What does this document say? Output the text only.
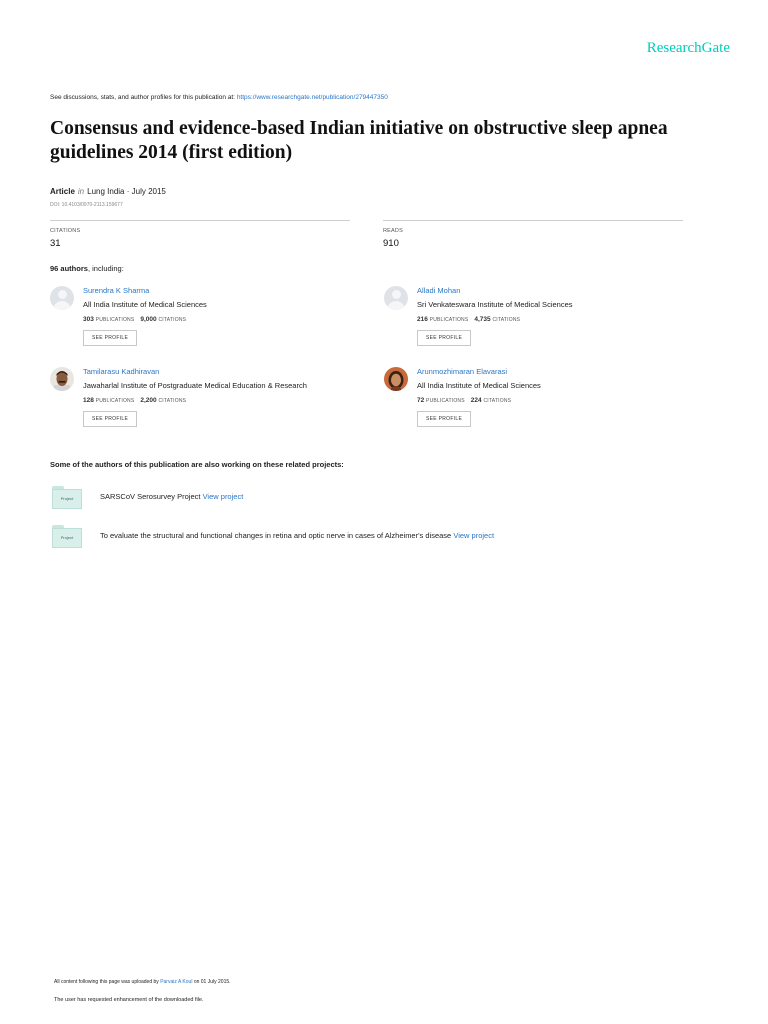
ResearchGate
See discussions, stats, and author profiles for this publication at: https://www.researchgate.net/publication/279447350
Consensus and evidence-based Indian initiative on obstructive sleep apnea guidelines 2014 (first edition)
Article in Lung India · July 2015
DOI: 10.4103/0970-2113.159677
CITATIONS
31
READS
910
96 authors, including:
Surendra K Sharma
All India Institute of Medical Sciences
303 PUBLICATIONS 9,000 CITATIONS
SEE PROFILE
Alladi Mohan
Sri Venkateswara Institute of Medical Sciences
216 PUBLICATIONS 4,735 CITATIONS
SEE PROFILE
Tamilarasu Kadhiravan
Jawaharlal Institute of Postgraduate Medical Education & Research
128 PUBLICATIONS 2,200 CITATIONS
SEE PROFILE
Arunmozhimaran Elavarasi
All India Institute of Medical Sciences
72 PUBLICATIONS 224 CITATIONS
SEE PROFILE
Some of the authors of this publication are also working on these related projects:
Project	SARSCoV Serosurvey Project View project
Project	To evaluate the structural and functional changes in retina and optic nerve in cases of Alzheimer's disease View project
All content following this page was uploaded by Parvaiz A Koul on 01 July 2015.
The user has requested enhancement of the downloaded file.
